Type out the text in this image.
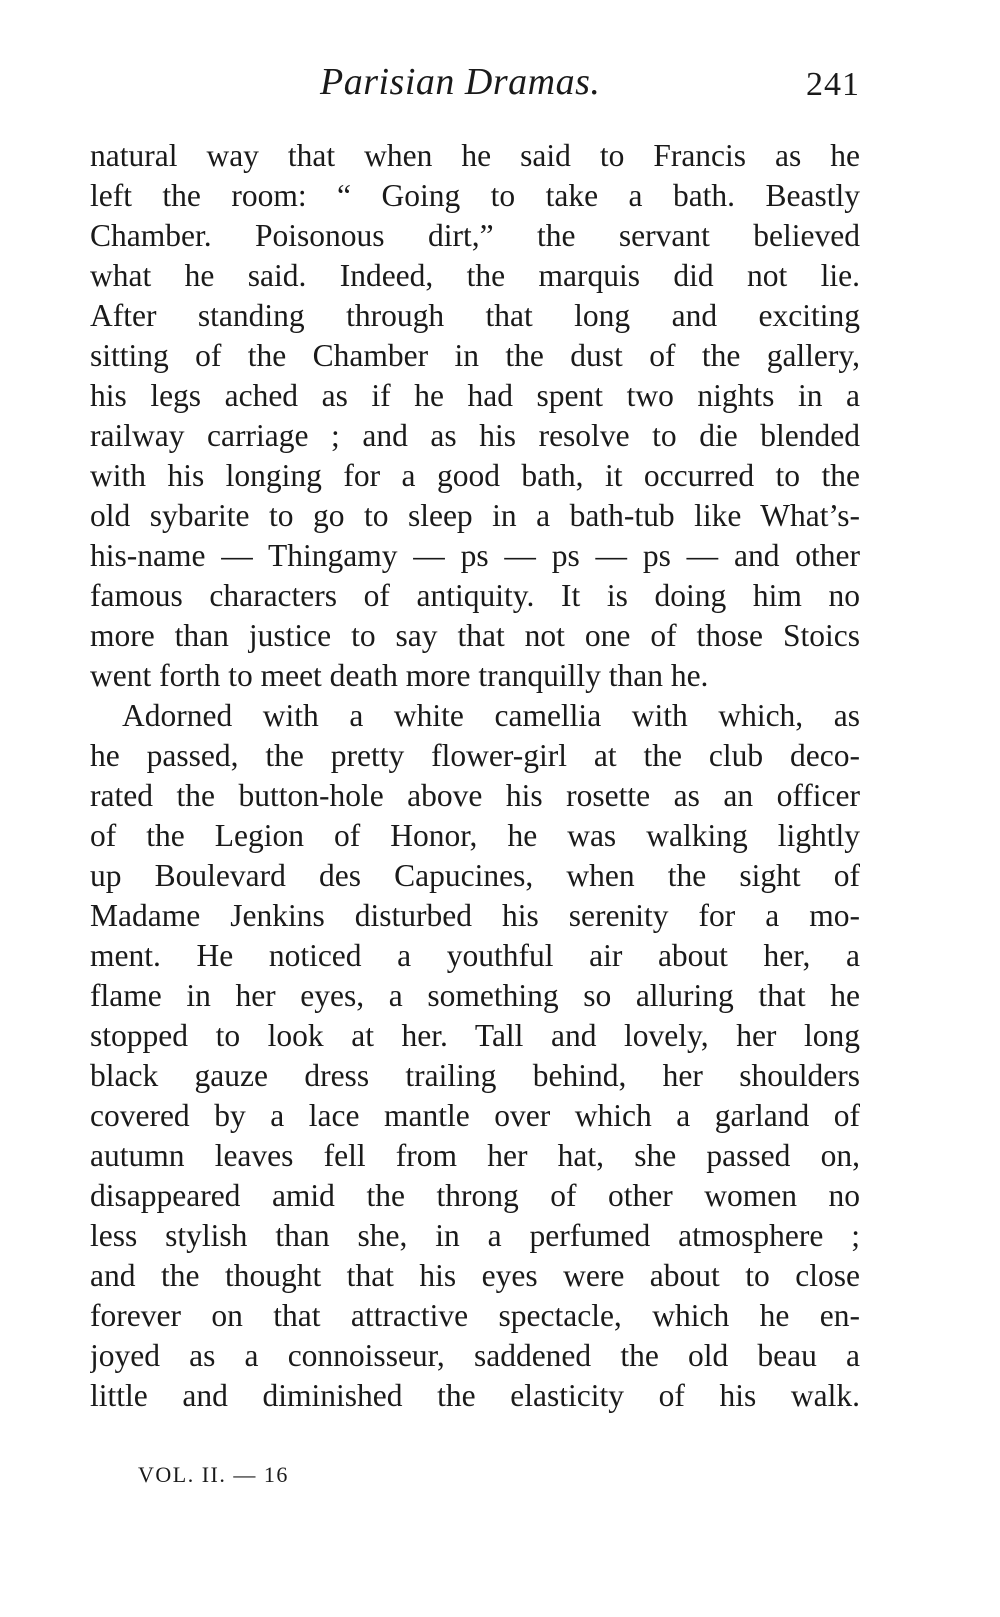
Parisian Dramas.	241
natural way that when he said to Francis as he
left the room: “ Going to take a bath. Beastly
Chamber. Poisonous dirt,” the servant believed
what he said. Indeed, the marquis did not lie.
After standing through that long and exciting
sitting of the Chamber in the dust of the gallery,
his legs ached as if he had spent two nights in a
railway carriage ; and as his resolve to die blended
with his longing for a good bath, it occurred to the
old sybarite to go to sleep in a bath-tub like What’s-
his-name — Thingamy — ps — ps — ps — and other
famous characters of antiquity. It is doing him no
more than justice to say that not one of those Stoics
went forth to meet death more tranquilly than he.
Adorned with a white camellia with which, as
he passed, the pretty flower-girl at the club deco-
rated the button-hole above his rosette as an officer
of the Legion of Honor, he was walking lightly
up Boulevard des Capucines, when the sight of
Madame Jenkins disturbed his serenity for a mo-
ment. He noticed a youthful air about her, a
flame in her eyes, a something so alluring that he
stopped to look at her. Tall and lovely, her long
black gauze dress trailing behind, her shoulders
covered by a lace mantle over which a garland of
autumn leaves fell from her hat, she passed on,
disappeared amid the throng of other women no
less stylish than she, in a perfumed atmosphere ;
and the thought that his eyes were about to close
forever on that attractive spectacle, which he en-
joyed as a connoisseur, saddened the old beau a
little and diminished the elasticity of his walk.
VOL. II. — 16
